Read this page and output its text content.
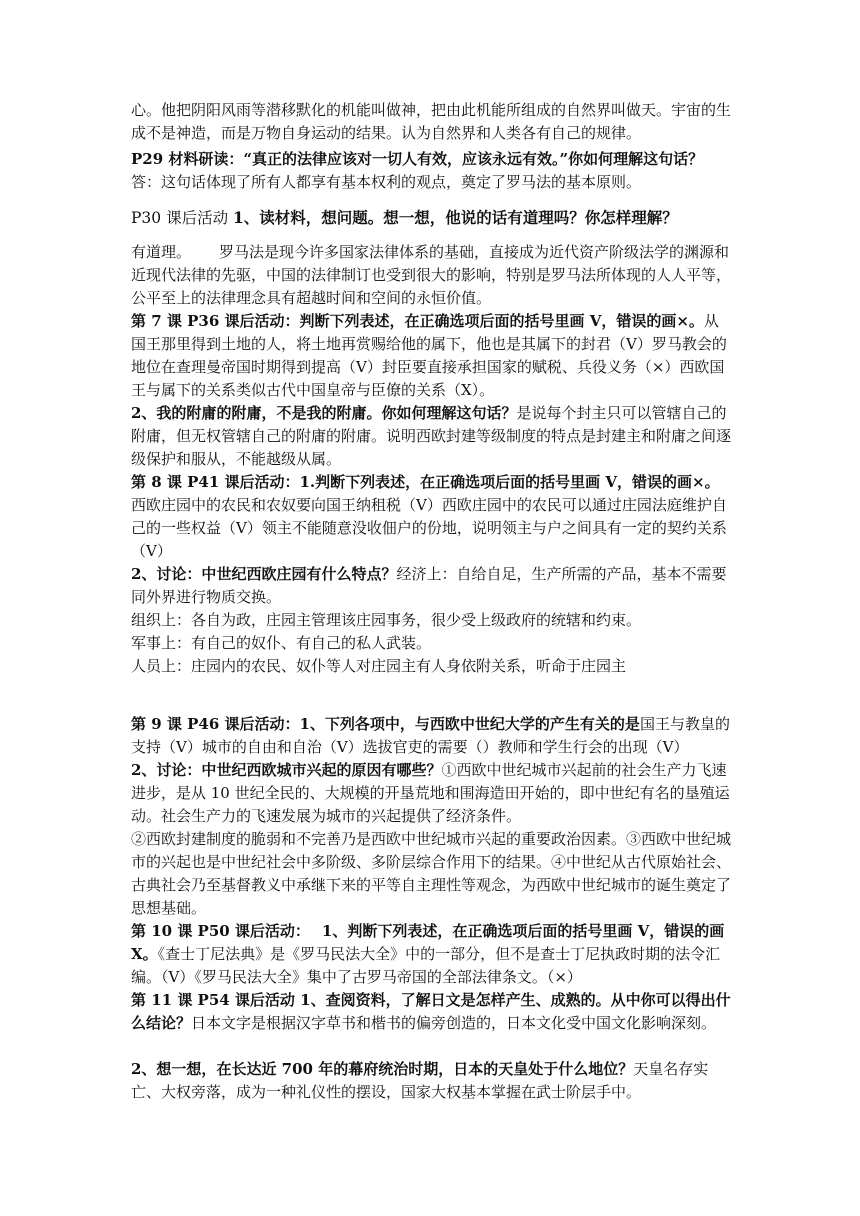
心。他把阴阳风雨等潜移默化的机能叫做神，把由此机能所组成的自然界叫做天。宇宙的生成不是神造，而是万物自身运动的结果。认为自然界和人类各有自己的规律。

P29 材料研读：“真正的法律应该对一切人有效，应该永远有效。”你如何理解这句话？
答：这句话体现了所有人都享有基本权利的观点，奠定了罗马法的基本原则。

P30 课后活动 1、读材料，想问题。想一想，他说的话有道理吗？你怎样理解？

有道理。 罗马法是现今许多国家法律体系的基础，直接成为近代资产阶级法学的渊源和近现代法律的先驱，中国的法律制订也受到很大的影响，特别是罗马法所体现的人人平等，公平至上的法律理念具有超越时间和空间的永恒价值。

第 7 课 P36 课后活动：判断下列表述，在正确选项后面的括号里画 V，错误的画×。从国王那里得到土地的人，将土地再赏赐给他的属下，他也是其属下的封君（V）罗马教会的地位在查理曼帝国时期得到提高（V）封臣要直接承担国家的赋税、兵役义务（×）西欧国王与属下的关系类似古代中国皇帝与臣僚的关系（X）。

2、我的附庸的附庸，不是我的附庸。你如何理解这句话？是说每个封主只可以管辖自己的附庸，但无权管辖自己的附庸的附庸。说明西欧封建等级制度的特点是封建主和附庸之间逐级保护和服从，不能越级从属。

第 8 课 P41 课后活动：1.判断下列表述，在正确选项后面的括号里画 V，错误的画×。西欧庄园中的农民和农奴要向国王纳租税（V）西欧庄园中的农民可以通过庄园法庭维护自己的一些权益（V）领主不能随意没收佃户的份地，说明领主与户之间具有一定的契约关系（V）

2、讨论：中世纪西欧庄园有什么特点？经济上：自给自足，生产所需的产品，基本不需要同外界进行物质交换。

组织上：各自为政，庄园主管理该庄园事务，很少受上级政府的统辖和约束。

军事上：有自己的奴仆、有自己的私人武装。

人员上：庄园内的农民、奴仆等人对庄园主有人身依附关系，听命于庄园主

第 9 课 P46 课后活动：1、下列各项中，与西欧中世纪大学的产生有关的是国王与教皇的支持（V）城市的自由和自治（V）选拔官吏的需要（）教师和学生行会的出现（V）

2、讨论：中世纪西欧城市兴起的原因有哪些？①西欧中世纪城市兴起前的社会生产力飞速进步，是从 10 世纪全民的、大规模的开垦荒地和围海造田开始的，即中世纪有名的垦殖运动。社会生产力的飞速发展为城市的兴起提供了经济条件。

②西欧封建制度的脆弱和不完善乃是西欧中世纪城市兴起的重要政治因素。③西欧中世纪城市的兴起也是中世纪社会中多阶级、多阶层综合作用下的结果。④中世纪从古代原始社会、古典社会乃至基督教义中承继下来的平等自主理性等观念，为西欧中世纪城市的诞生奠定了思想基础。

第 10 课 P50 课后活动： 1、判断下列表述，在正确选项后面的括号里画 V，错误的画 X。《查士丁尼法典》是《罗马民法大全》中的一部分，但不是查士丁尼执政时期的法令汇编。（V）《罗马民法大全》集中了古罗马帝国的全部法律条文。（×）

第 11 课 P54 课后活动 1、查阅资料，了解日文是怎样产生、成熟的。从中你可以得出什么结论？日本文字是根据汉字草书和楷书的偏旁创造的，日本文化受中国文化影响深刻。

2、想一想，在长达近 700 年的幕府统治时期，日本的天皇处于什么地位？天皇名存实亡、大权旁落，成为一种礼仪性的摆设，国家大权基本掌握在武士阶层手中。
